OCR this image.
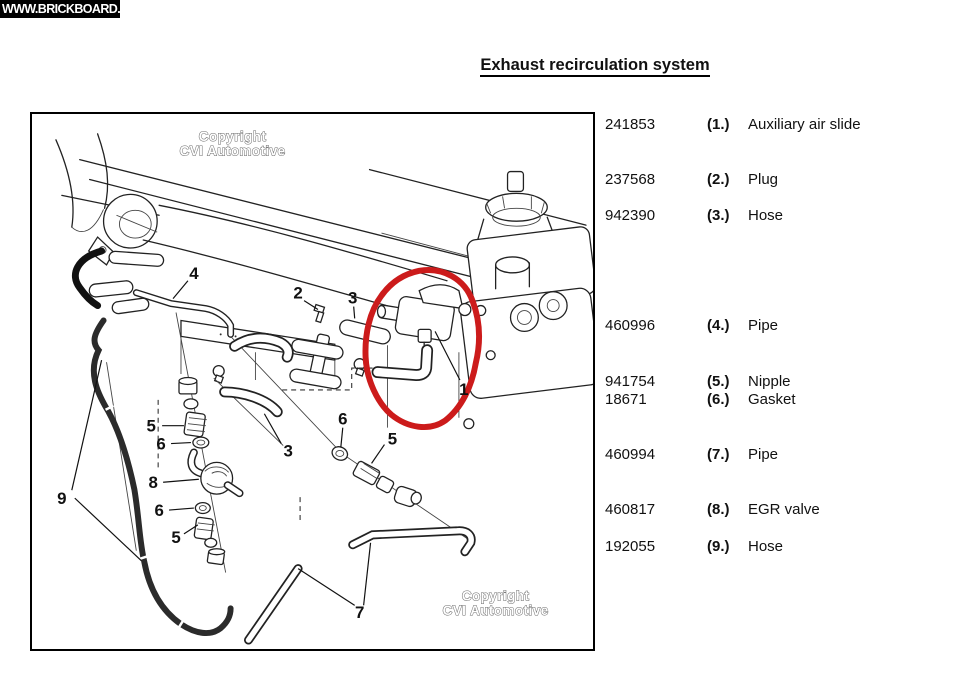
WWW.BRICKBOARD.com
Exhaust recirculation system
Copyright
CVI Automotive
Copyright
CVI Automotive
4
2	3
1
6
5
3
5
6
8
9
6
5
7
241853	(1.) Auxiliary air slide
237568	(2.) Plug
942390	(3.) Hose
460996	(4.) Pipe
941754	(5.) Nipple
18671	(6.) Gasket
460994	(7.) Pipe
460817	(8.) EGR valve
192055	(9.) Hose
